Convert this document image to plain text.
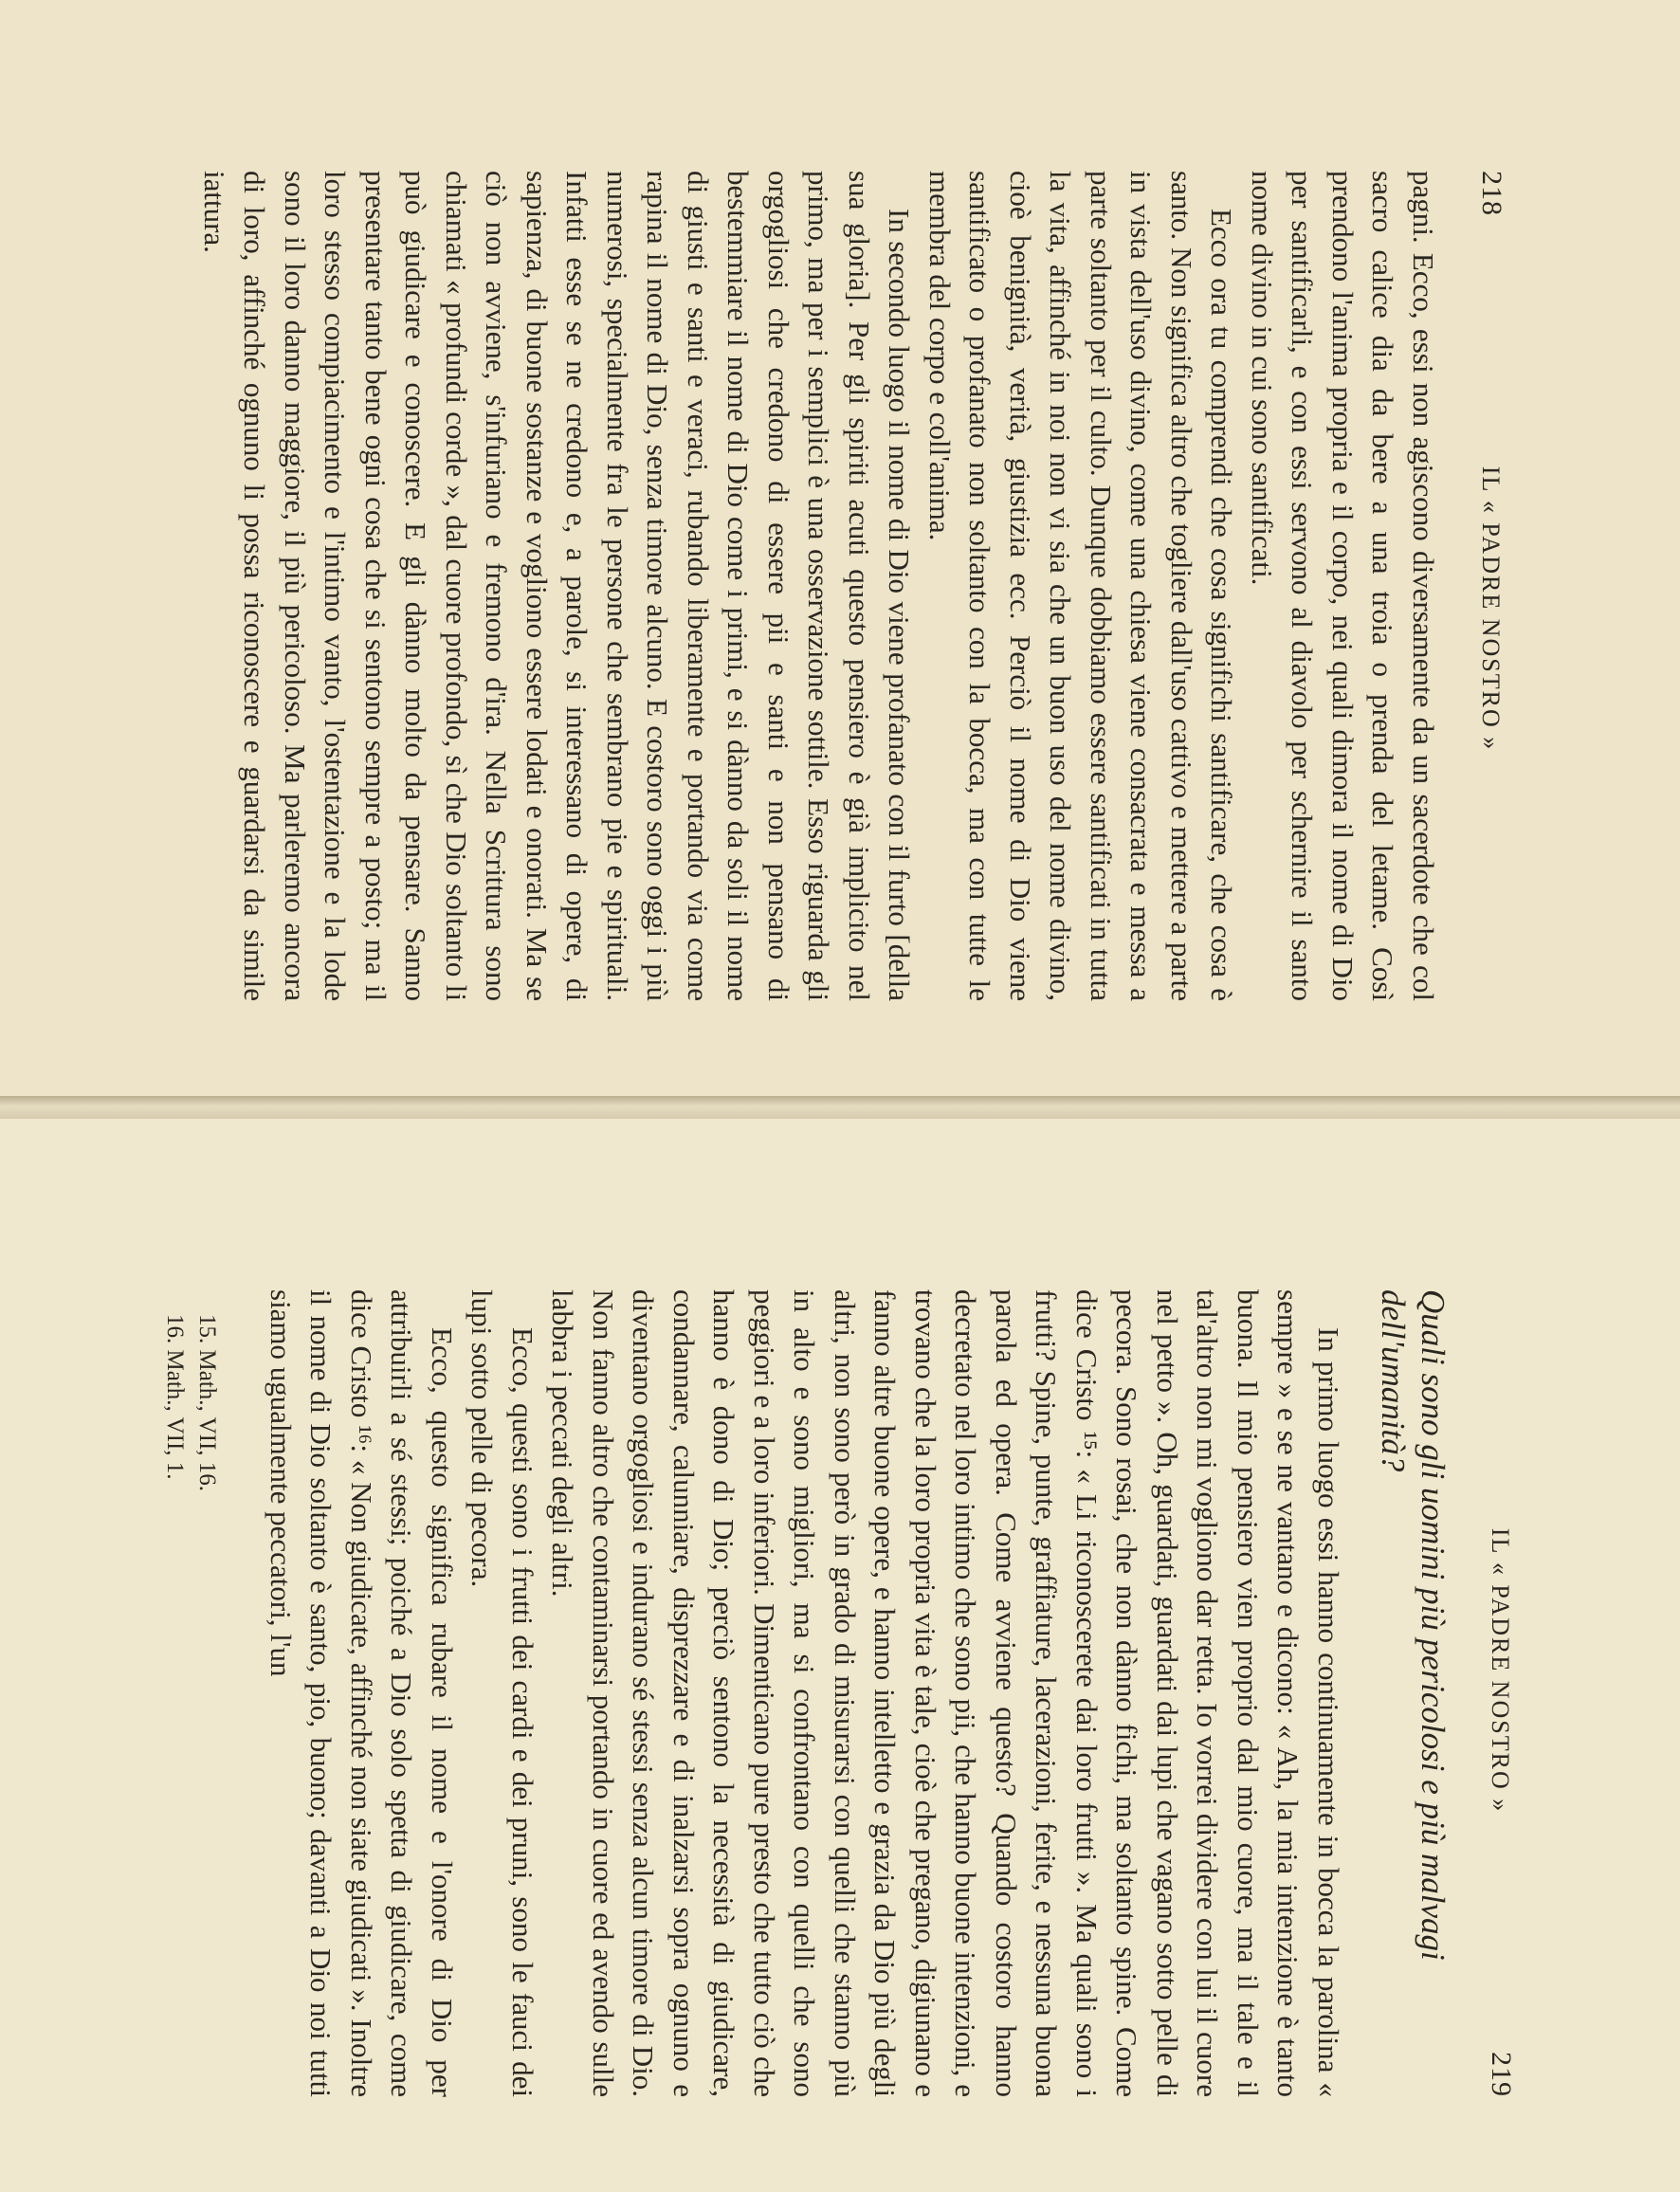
218
IL « PADRE NOSTRO »

pagni. Ecco, essi non agiscono diversamente da un sacerdote che col sacro calice dia da bere a una troia o prenda del letame. Così prendono l'anima propria e il corpo, nei quali dimora il nome di Dio per santificarli, e con essi servono al diavolo per schernire il santo nome divino in cui sono santificati.

Ecco ora tu comprendi che cosa significhi santificare, che cosa è santo. Non significa altro che togliere dall'uso cattivo e mettere a parte in vista dell'uso divino, come una chiesa viene consacrata e messa a parte soltanto per il culto. Dunque dobbiamo essere santificati in tutta la vita, affinché in noi non vi sia che un buon uso del nome divino, cioè benignità, verità, giustizia ecc. Perciò il nome di Dio viene santificato o profanato non soltanto con la bocca, ma con tutte le membra del corpo e coll'anima.

In secondo luogo il nome di Dio viene profanato con il furto [della sua gloria]. Per gli spiriti acuti questo pensiero è già implicito nel primo, ma per i semplici è una osservazione sottile. Esso riguarda gli orgogliosi che credono di essere pii e santi e non pensano di bestemmiare il nome di Dio come i primi, e si dànno da soli il nome di giusti e santi e veraci, rubando liberamente e portando via come rapina il nome di Dio, senza timore alcuno. E costoro sono oggi i più numerosi, specialmente fra le persone che sembrano pie e spirituali. Infatti esse se ne credono e, a parole, si interessano di opere, di sapienza, di buone sostanze e vogliono essere lodati e onorati. Ma se ciò non avviene, s'infuriano e fremono d'ira. Nella Scrittura sono chiamati « profundi corde », dal cuore profondo, sì che Dio soltanto li può giudicare e conoscere. E gli dànno molto da pensare. Sanno presentare tanto bene ogni cosa che si sentono sempre a posto; ma il loro stesso compiacimento e l'intimo vanto, l'ostentazione e la lode sono il loro danno maggiore, il più pericoloso. Ma parleremo ancora di loro, affinché ognuno li possa riconoscere e guardarsi da simile iattura.

IL « PADRE NOSTRO »
219
Quali sono gli uomini più pericolosi e più malvagi dell'umanità?

In primo luogo essi hanno continuamente in bocca la parolina « sempre » e se ne vantano e dicono: « Ah, la mia intenzione è tanto buona. Il mio pensiero vien proprio dal mio cuore, ma il tale e il tal'altro non mi vogliono dar retta. Io vorrei dividere con lui il cuore nel petto ». Oh, guardati, guardati dai lupi che vagano sotto pelle di pecora. Sono rosai, che non dànno fichi, ma soltanto spine. Come dice Cristo ¹⁵: « Li riconoscerete dai loro frutti ». Ma quali sono i frutti? Spine, punte, graffiature, lacerazioni, ferite, e nessuna buona parola ed opera. Come avviene questo? Quando costoro hanno decretato nel loro intimo che sono pii, che hanno buone intenzioni, e trovano che la loro propria vita è tale, cioè che pregano, digiunano e fanno altre buone opere, e hanno intelletto e grazia da Dio più degli altri, non sono però in grado di misurarsi con quelli che stanno più in alto e sono migliori, ma si confrontano con quelli che sono peggiori e a loro inferiori. Dimenticano pure presto che tutto ciò che hanno è dono di Dio; perciò sentono la necessità di giudicare, condannare, calunniare, disprezzare e di inalzarsi sopra ognuno e diventano orgogliosi e indurano sé stessi senza alcun timore di Dio. Non fanno altro che contaminarsi portando in cuore ed avendo sulle labbra i peccati degli altri.

Ecco, questi sono i frutti dei cardi e dei pruni, sono le fauci dei lupi sotto pelle di pecora.

Ecco, questo significa rubare il nome e l'onore di Dio per attribuirli a sé stessi; poiché a Dio solo spetta di giudicare, come dice Cristo ¹⁶: « Non giudicate, affinché non siate giudicati ». Inoltre il nome di Dio soltanto è santo, pio, buono; davanti a Dio noi tutti siamo ugualmente peccatori, l'un

15. Math., VII, 16.
16. Math., VII, 1.
